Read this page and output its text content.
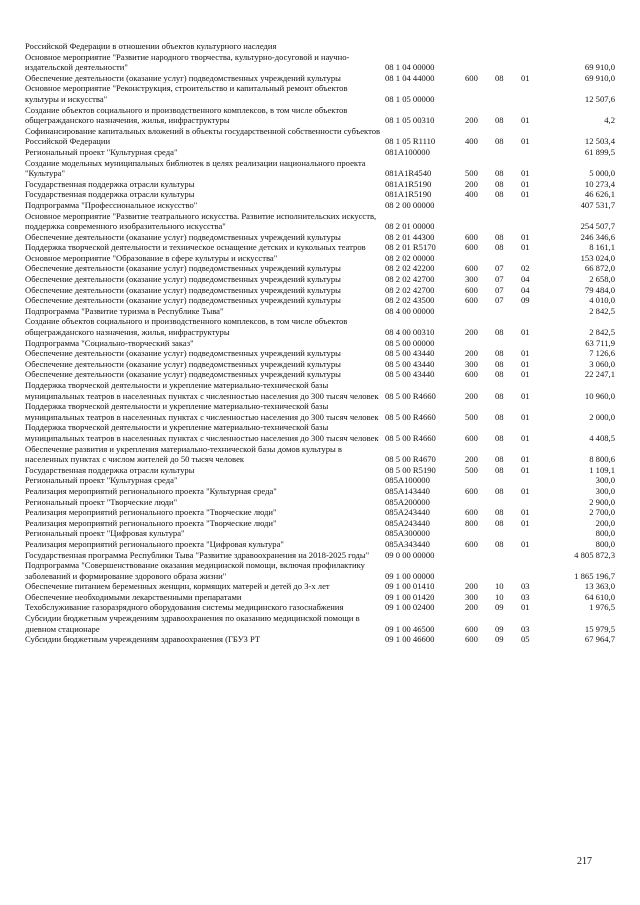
Российской Федерации в отношении объектов культурного наследия
Основное мероприятие "Развитие народного творчества, культурно-досуговой и научно-издательской деятельности"	08 1 04 00000	69 910,0
Обеспечение деятельности (оказание услуг) подведомственных учреждений культуры	08 1 04 44000	600	08	01	69 910,0
Основное мероприятие "Реконструкция, строительство и капитальный ремонт объектов культуры и искусства"	08 1 05 00000	12 507,6
Создание объектов социального и производственного комплексов, в том числе объектов общегражданского назначения, жилья, инфраструктуры	08 1 05 00310	200	08	01	4,2
Софинансирование капитальных вложений в объекты государственной собственности субъектов Российской Федерации	08 1 05 R1110	400	08	01	12 503,4
Региональный проект "Культурная среда"	081A100000	61 899,5
Создание модельных муниципальных библиотек в целях реализации национального проекта "Культура"	081A1R4540	500	08	01	5 000,0
Государственная поддержка отрасли культуры	081A1R5190	200	08	01	10 273,4
Государственная поддержка отрасли культуры	081A1R5190	400	08	01	46 626,1
Подпрограмма "Профессиональное искусство"	08 2 00 00000	407 531,7
Основное мероприятие "Развитие театрального искусства. Развитие исполнительских искусств, поддержка современного изобразительного искусства"	08 2 01 00000	254 507,7
Обеспечение деятельности (оказание услуг) подведомственных учреждений культуры	08 2 01 44300	600	08	01	246 346,6
Поддержка творческой деятельности и техническое оснащение детских и кукольных театров	08 2 01 R5170	600	08	01	8 161,1
Основное мероприятие "Образование в сфере культуры и искусства"	08 2 02 00000	153 024,0
Обеспечение деятельности (оказание услуг) подведомственных учреждений культуры	08 2 02 42200	600	07	02	66 872,0
Обеспечение деятельности (оказание услуг) подведомственных учреждений культуры	08 2 02 42700	300	07	04	2 658,0
Обеспечение деятельности (оказание услуг) подведомственных учреждений культуры	08 2 02 42700	600	07	04	79 484,0
Обеспечение деятельности (оказание услуг) подведомственных учреждений культуры	08 2 02 43500	600	07	09	4 010,0
Подпрограмма "Развитие туризма в Республике Тыва"	08 4 00 00000	2 842,5
Создание объектов социального и производственного комплексов, в том числе объектов общегражданского назначения, жилья, инфраструктуры	08 4 00 00310	200	08	01	2 842,5
Подпрограмма "Социально-творческий заказ"	08 5 00 00000	63 711,9
Обеспечение деятельности (оказание услуг) подведомственных учреждений культуры	08 5 00 43440	200	08	01	7 126,6
Обеспечение деятельности (оказание услуг) подведомственных учреждений культуры	08 5 00 43440	300	08	01	3 060,0
Обеспечение деятельности (оказание услуг) подведомственных учреждений культуры	08 5 00 43440	600	08	01	22 247,1
Поддержка творческой деятельности и укрепление материально-технической базы муниципальных театров в населенных пунктах с численностью населения до 300 тысяч человек 08 5 00 R4660	200	08	01	10 960,0
Поддержка творческой деятельности и укрепление материально-технической базы муниципальных театров в населенных пунктах с численностью населения до 300 тысяч человек 08 5 00 R4660	500	08	01	2 000,0
Поддержка творческой деятельности и укрепление материально-технической базы муниципальных театров в населенных пунктах с численностью населения до 300 тысяч человек 08 5 00 R4660	600	08	01	4 408,5
Обеспечение развития и укрепления материально-технической базы домов культуры в населенных пунктах с числом жителей до 50 тысяч человек	08 5 00 R4670	200	08	01	8 800,6
Государственная поддержка отрасли культуры	08 5 00 R5190	500	08	01	1 109,1
Региональный проект "Культурная среда"	085A100000	300,0
Реализация мероприятий регионального проекта "Культурная среда"	085A143440	600	08	01	300,0
Региональный проект "Творческие люди"	085A200000	2 900,0
Реализация мероприятий регионального проекта "Творческие люди"	085A243440	600	08	01	2 700,0
Реализация мероприятий регионального проекта "Творческие люди"	085A243440	800	08	01	200,0
Региональный проект "Цифровая культура"	085A300000	800,0
Реализация мероприятий регионального проекта "Цифровая культура"	085A343440	600	08	01	800,0
Государственная программа Республики Тыва "Развитие здравоохранения на 2018-2025 годы"	09 0 00 00000	4 805 872,3
Подпрограмма "Совершенствование оказания медицинской помощи, включая профилактику заболеваний и формирование здорового образа жизни"	09 1 00 00000	1 865 196,7
Обеспечение питанием беременных женщин, кормящих матерей и детей до 3-х лет	09 1 00 01410	200	10	03	13 363,0
Обеспечение необходимыми лекарственными препаратами	09 1 00 01420	300	10	03	64 610,0
Техобслуживание газоразрядного оборудования системы медицинского газоснабжения	09 1 00 02400	200	09	01	1 976,5
Субсидии бюджетным учреждениям здравоохранения по оказанию медицинской помощи в дневном стационаре	09 1 00 46500	600	09	03	15 979,5
Субсидии бюджетным учреждениям здравоохранения (ГБУЗ РТ	09 1 00 46600	600	09	05	67 964,7
217
